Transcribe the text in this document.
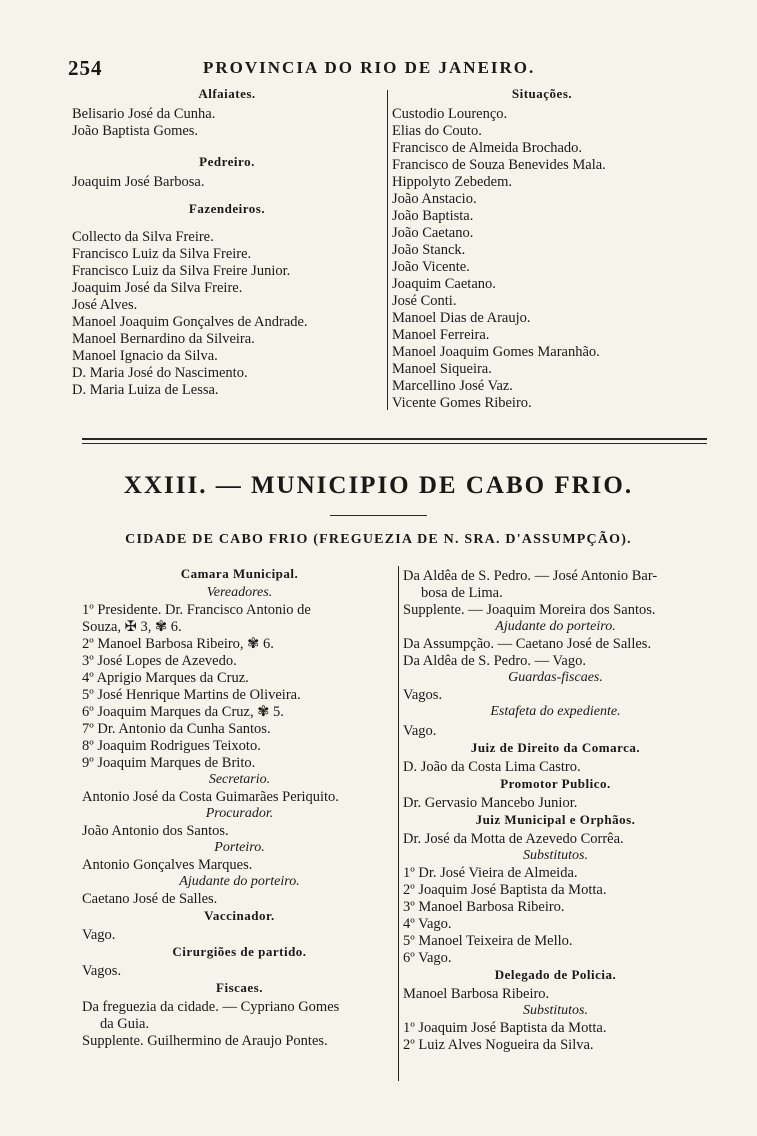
254	PROVINCIA DO RIO DE JANEIRO.
Alfaiates.
Belisario José da Cunha.
João Baptista Gomes.
Pedreiro.
Joaquim José Barbosa.
Fazendeiros.
Collecto da Silva Freire.
Francisco Luiz da Silva Freire.
Francisco Luiz da Silva Freire Junior.
Joaquim José da Silva Freire.
José Alves.
Manoel Joaquim Gonçalves de Andrade.
Manoel Bernardino da Silveira.
Manoel Ignacio da Silva.
D. Maria José do Nascimento.
D. Maria Luiza de Lessa.
Situações.
Custodio Lourenço.
Elias do Couto.
Francisco de Almeida Brochado.
Francisco de Souza Benevides Mala.
Hippolyto Zebedem.
João Anstacio.
João Baptista.
João Caetano.
João Stanck.
João Vicente.
Joaquim Caetano.
José Conti.
Manoel Dias de Araujo.
Manoel Ferreira.
Manoel Joaquim Gomes Maranhão.
Manoel Siqueira.
Marcellino José Vaz.
Vicente Gomes Ribeiro.
XXIII. — MUNICIPIO DE CABO FRIO.
CIDADE DE CABO FRIO (FREGUEZIA DE N. SRA. D'ASSUMPÇÃO).
Camara Municipal.
Vereadores.
1º Presidente. Dr. Francisco Antonio de
Souza, ✠ 3, ✾ 6.
2º Manoel Barbosa Ribeiro, ✾ 6.
3º José Lopes de Azevedo.
4º Aprigio Marques da Cruz.
5º José Henrique Martins de Oliveira.
6º Joaquim Marques da Cruz, ✾ 5.
7º Dr. Antonio da Cunha Santos.
8º Joaquim Rodrigues Teixoto.
9º Joaquim Marques de Brito.
Secretario.
Antonio José da Costa Guimarães Periquito.
Procurador.
João Antonio dos Santos.
Porteiro.
Antonio Gonçalves Marques.
Ajudante do porteiro.
Caetano José de Salles.
Vaccinador.
Vago.
Cirurgiões de partido.
Vagos.
Fiscaes.
Da freguezia da cidade. — Cypriano Gomes
da Guia.
Supplente. Guilhermino de Araujo Pontes.
Da Aldêa de S. Pedro. — José Antonio Bar-
bosa de Lima.
Supplente. — Joaquim Moreira dos Santos.
Ajudante do porteiro.
Da Assumpção. — Caetano José de Salles.
Da Aldêa de S. Pedro. — Vago.
Guardas-fiscaes.
Vagos.
Estafeta do expediente.
Vago.
Juiz de Direito da Comarca.
D. João da Costa Lima Castro.
Promotor Publico.
Dr. Gervasio Mancebo Junior.
Juiz Municipal e Orphãos.
Dr. José da Motta de Azevedo Corrêa.
Substitutos.
1º Dr. José Vieira de Almeida.
2º Joaquim José Baptista da Motta.
3º Manoel Barbosa Ribeiro.
4º Vago.
5º Manoel Teixeira de Mello.
6º Vago.
Delegado de Policia.
Manoel Barbosa Ribeiro.
Substitutos.
1º Joaquim José Baptista da Motta.
2º Luiz Alves Nogueira da Silva.
